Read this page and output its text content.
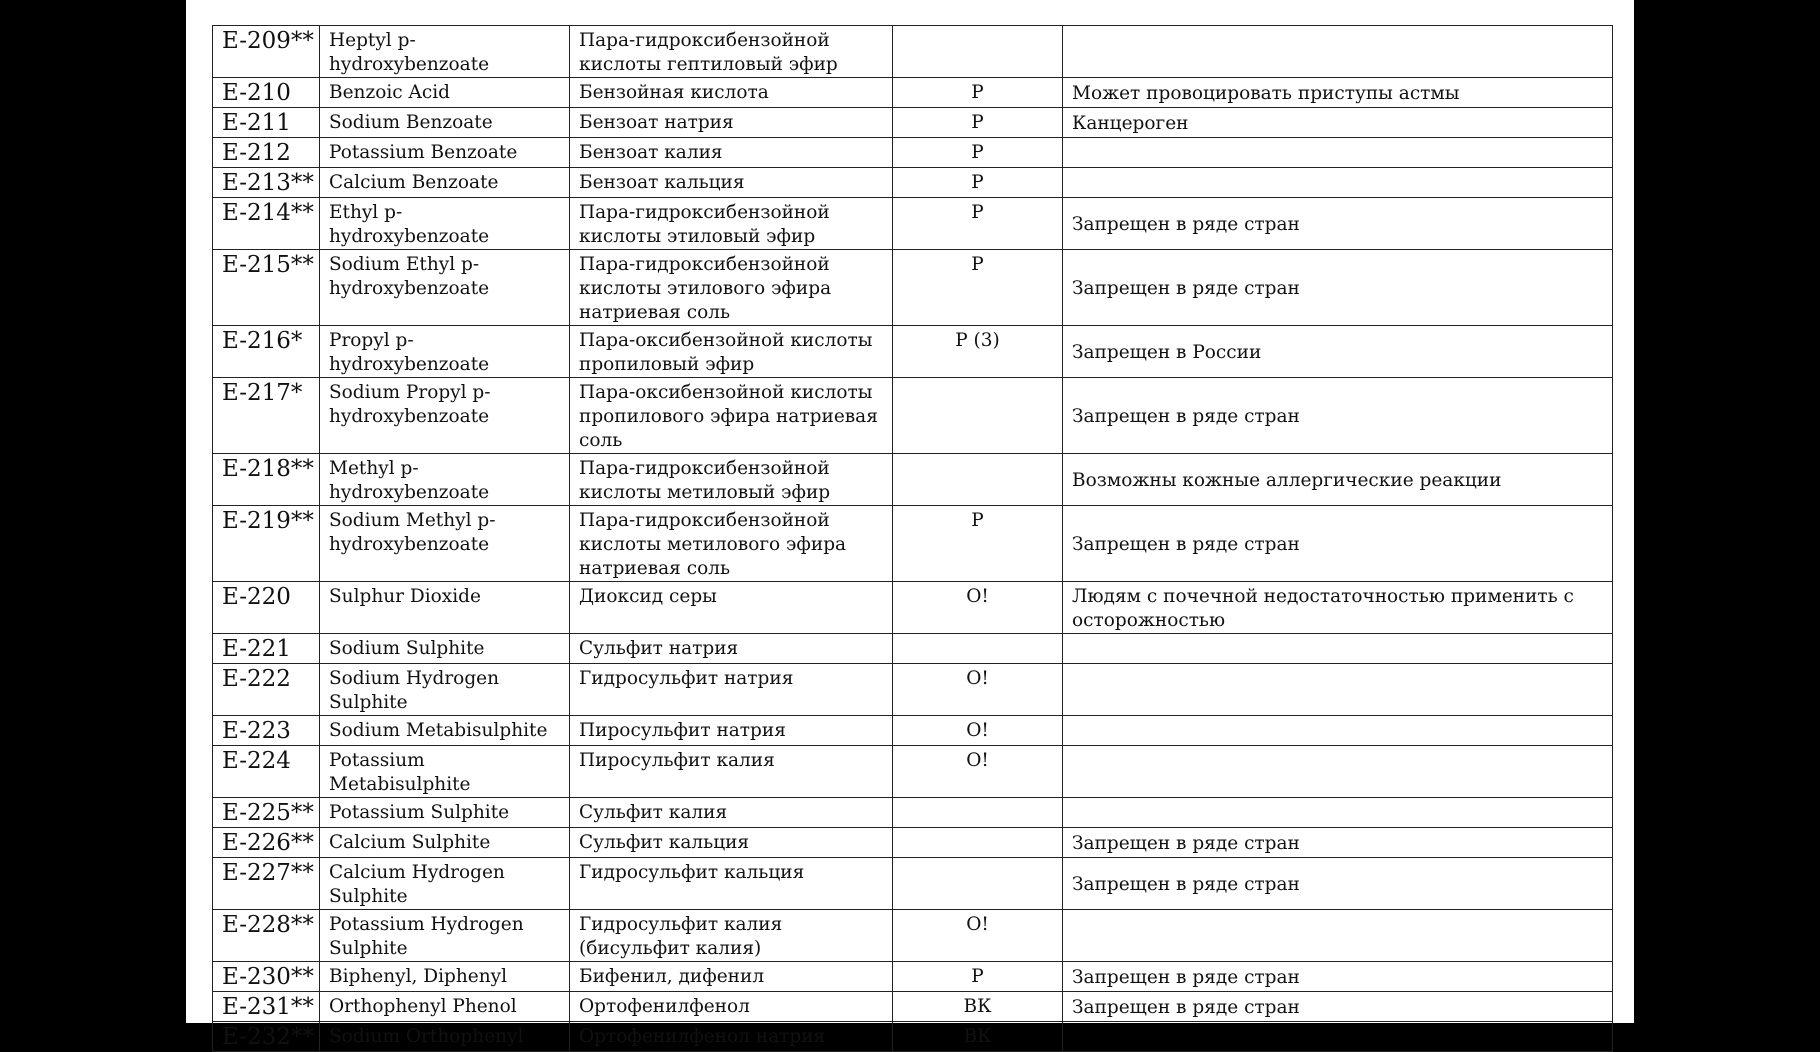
E-209**	Heptyl p-hydroxybenzoate	Пара-гидроксибензойной кислоты гептиловый эфир		

E-210	Benzoic Acid	Бензойная кислота	Р	Может провоцировать приступы астмы
E-211	Sodium Benzoate	Бензоат натрия	Р	Канцероген
E-212	Potassium Benzoate	Бензоат калия	Р	
E-213**	Calcium Benzoate	Бензоат кальция	Р	
E-214**	Ethyl p-hydroxybenzoate	Пара-гидроксибензойной кислоты этиловый эфир	Р	Запрещен в ряде стран
E-215**	Sodium Ethyl p-hydroxybenzoate	Пара-гидроксибензойной кислоты этилового эфира натриевая соль	Р	Запрещен в ряде стран
E-216*	Propyl p-hydroxybenzoate	Пара-оксибензойной кислоты пропиловый эфир	Р (3)	Запрещен в России
E-217*	Sodium Propyl p-hydroxybenzoate	Пара-оксибензойной кислоты пропилового эфира натриевая соль		Запрещен в ряде стран
E-218**	Methyl p-hydroxybenzoate	Пара-гидроксибензойной кислоты метиловый эфир		Возможны кожные аллергические реакции
E-219**	Sodium Methyl p-hydroxybenzoate	Пара-гидроксибензойной кислоты метилового эфира натриевая соль	Р	Запрещен в ряде стран
E-220	Sulphur Dioxide	Диоксид серы	О!	Людям с почечной недостаточностью применить с осторожностью
E-221	Sodium Sulphite	Сульфит натрия		
E-222	Sodium Hydrogen Sulphite	Гидросульфит натрия	О!	
E-223	Sodium Metabisulphite	Пиросульфит натрия	О!	
E-224	Potassium Metabisulphite	Пиросульфит калия	О!	
E-225**	Potassium Sulphite	Сульфит калия		
E-226**	Calcium Sulphite	Сульфит кальция		Запрещен в ряде стран
E-227**	Calcium Hydrogen Sulphite	Гидросульфит кальция		Запрещен в ряде стран
E-228**	Potassium Hydrogen Sulphite	Гидросульфит калия (бисульфит калия)	О!	
E-230**	Biphenyl, Diphenyl	Бифенил, дифенил	Р	Запрещен в ряде стран
E-231**	Orthophenyl Phenol	Ортофенилфенол	ВК	Запрещен в ряде стран
E-232**	Sodium Orthophenyl	Ортофенилфенол натрия	ВК	
